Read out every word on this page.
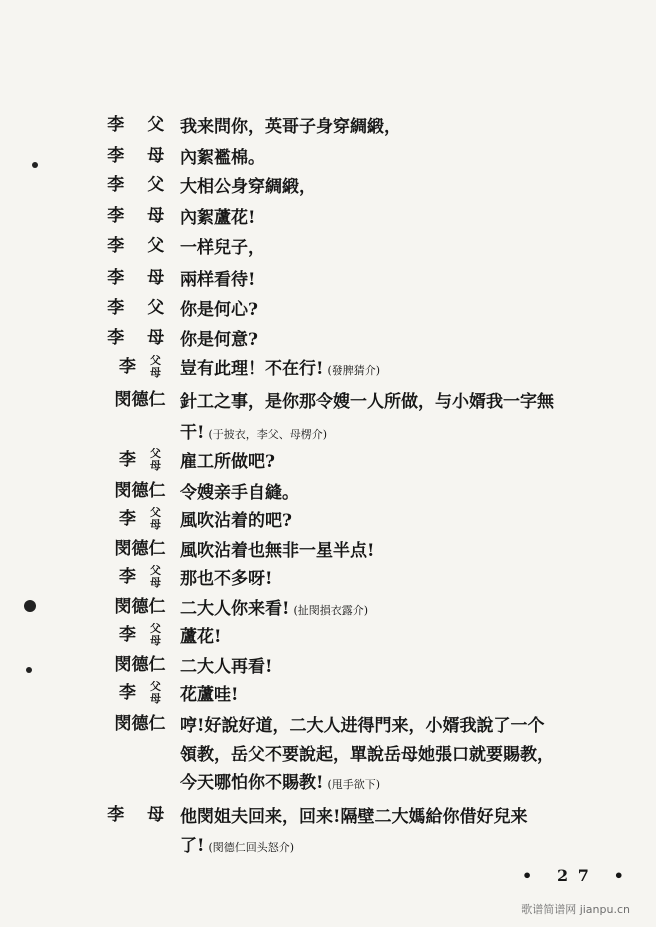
李 父 我来問你，英哥子身穿綢緞，
李 母 內絮襤棉。
李 父 大相公身穿綢緞，
李 母 內絮蘆花!
李 父 一样兒子，
李 母 兩样看待!
李 父 你是何心?
李 母 你是何意?
李 父
母 豈有此理！不在行! (發脾猜介)
閔德仁 針工之事，是你那令嫂一人所做，与小婿我一字無
干! (于披衣，李父、母楞介)
李 父
母 雇工所做吧?
閔德仁 令嫂亲手自縫。
李 父
母 風吹沾着的吧?
閔德仁 風吹沾着也無非一星半点!
李 父
母 那也不多呀!
閔德仁 二大人你来看! (扯閔損衣露介)
李 父
母 蘆花!
閔德仁 二大人再看!
李 父
母 花蘆哇!
閔德仁 哼!好說好道，二大人进得門来，小婿我說了一个
領教，岳父不要說起，單說岳母她張口就要賜教，
今天哪怕你不賜教! (甩手欲下)
李 母 他閔姐夫回来，回来!隔壁二大媽給你借好兒来
了! (閔德仁回头怒介)
• 27 •
歌谱简谱网 jianpu.cn
